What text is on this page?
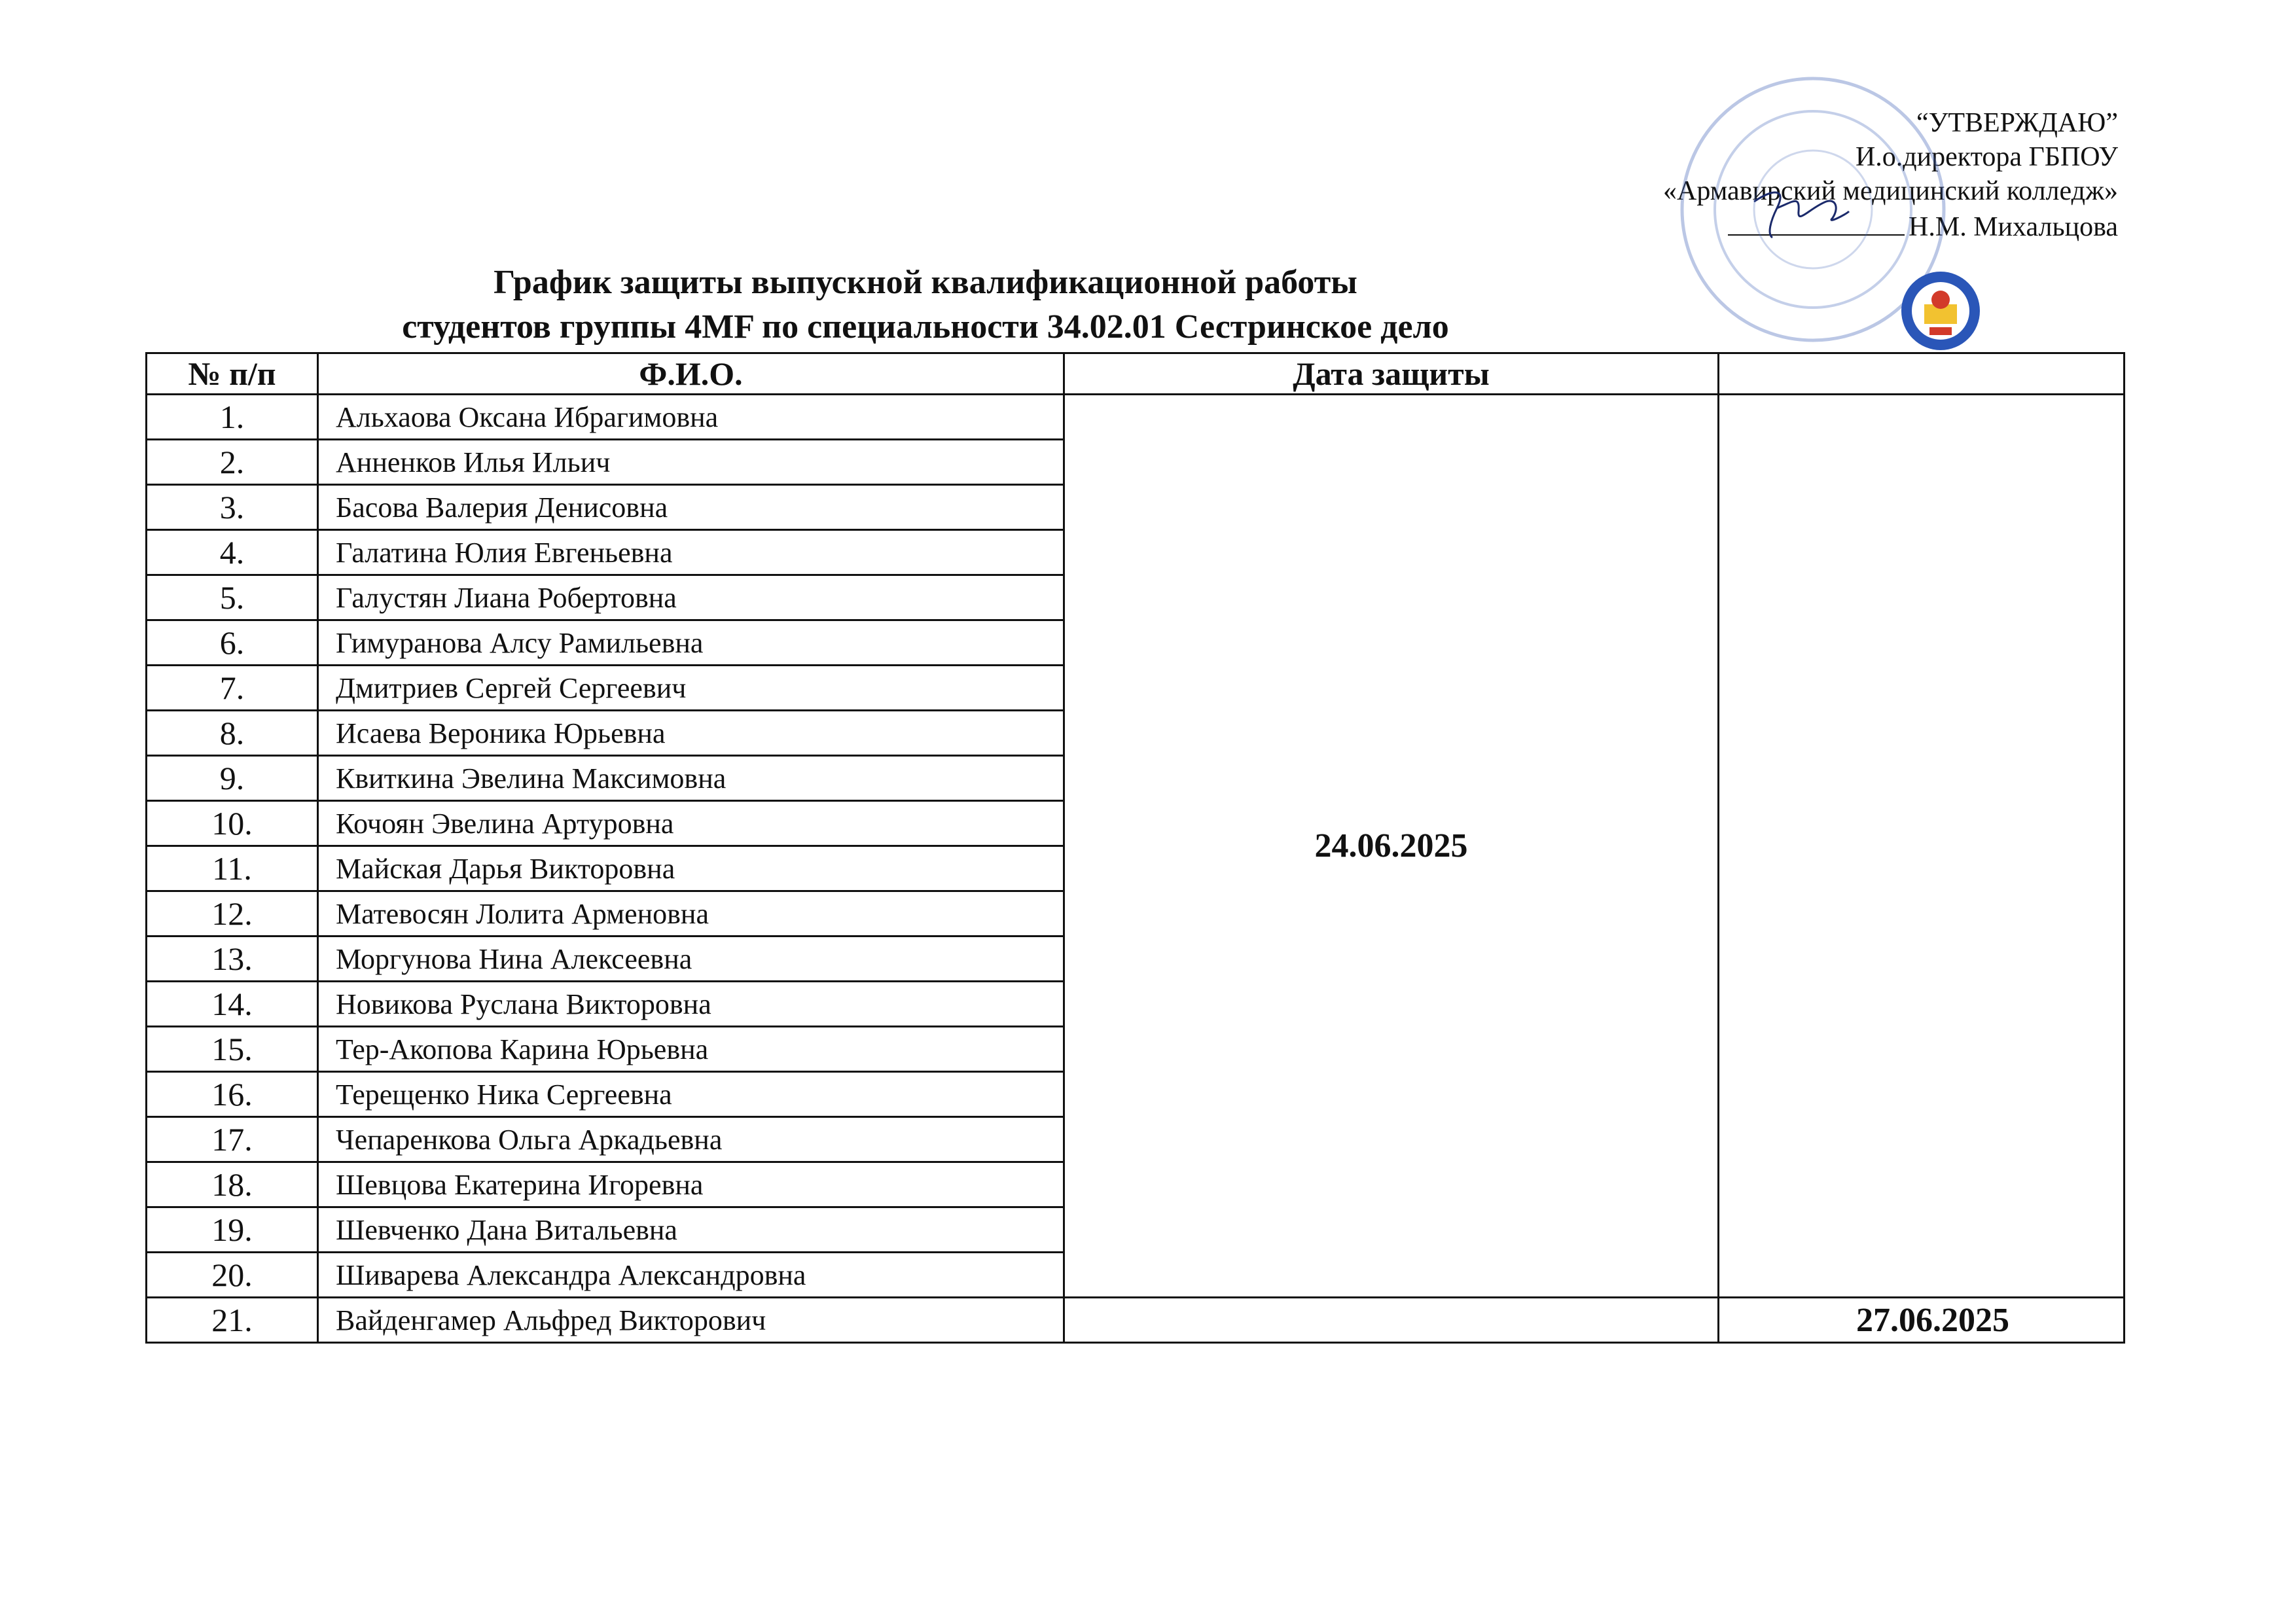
“УТВЕРЖДАЮ”
И.о.директора ГБПОУ
«Армавирский медицинский колледж»
Н.М. Михальцова
График защиты выпускной квалификационной работы
студентов группы 4MF по специальности 34.02.01 Сестринское дело
№ п/п	Ф.И.О.	Дата защиты	
1.	Альхаова Оксана Ибрагимовна	24.06.2025	
2.	Анненков Илья Ильич		
3.	Басова Валерия Денисовна		
4.	Галатина Юлия Евгеньевна		
5.	Галустян Лиана Робертовна		
6.	Гимуранова Алсу Рамильевна		
7.	Дмитриев Сергей Сергеевич		
8.	Исаева Вероника Юрьевна		
9.	Квиткина Эвелина Максимовна		
10.	Кочоян Эвелина Артуровна		
11.	Майская Дарья Викторовна		
12.	Матевосян Лолита Арменовна		
13.	Моргунова Нина Алексеевна		
14.	Новикова Руслана Викторовна		
15.	Тер-Акопова Карина Юрьевна		
16.	Терещенко Ника Сергеевна		
17.	Чепаренкова Ольга Аркадьевна		
18.	Шевцова Екатерина Игоревна		
19.	Шевченко Дана Витальевна		
20.	Шиварева Александра Александровна		
21.	Вайденгамер Альфред Викторович		27.06.2025
